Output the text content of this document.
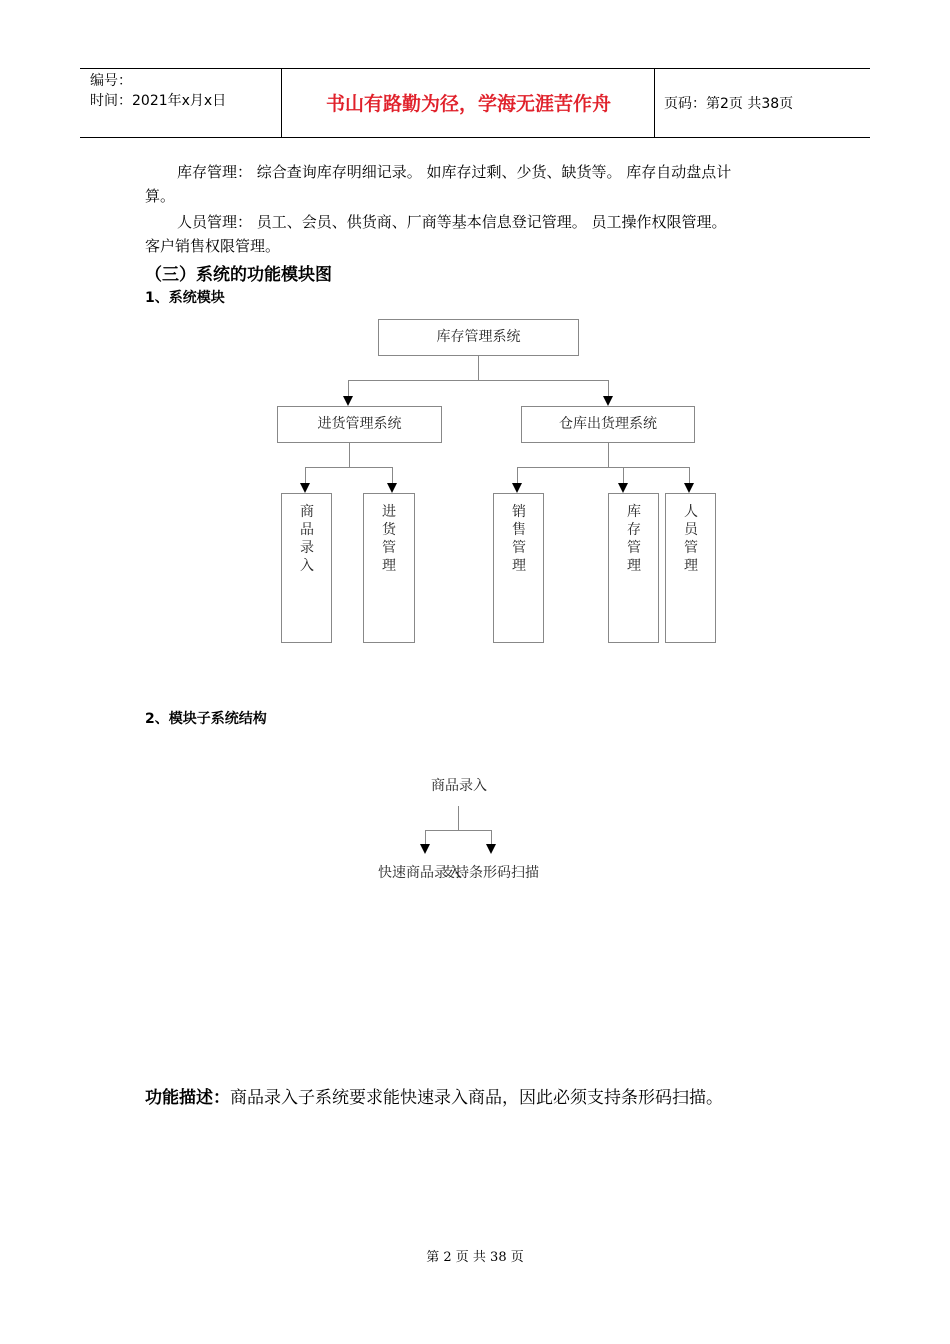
编号：
时间：2021年x月x日	书山有路勤为径，学海无涯苦作舟	页码：第2页 共38页
库存管理： 综合查询库存明细记录。 如库存过剩、少货、缺货等。 库存自动盘点计
算。
人员管理： 员工、会员、供货商、厂商等基本信息登记管理。 员工操作权限管理。
客户销售权限管理。
（三）系统的功能模块图
1、系统模块
库存管理系统
进货管理系统	仓库出货理系统
商品录入
进货管理
销售管理
库存管理
人员管理
2、模块子系统结构
商品录入
快速商品录入
支持条形码扫描
功能描述：商品录入子系统要求能快速录入商品，因此必须支持条形码扫描。
第 2 页 共 38 页
